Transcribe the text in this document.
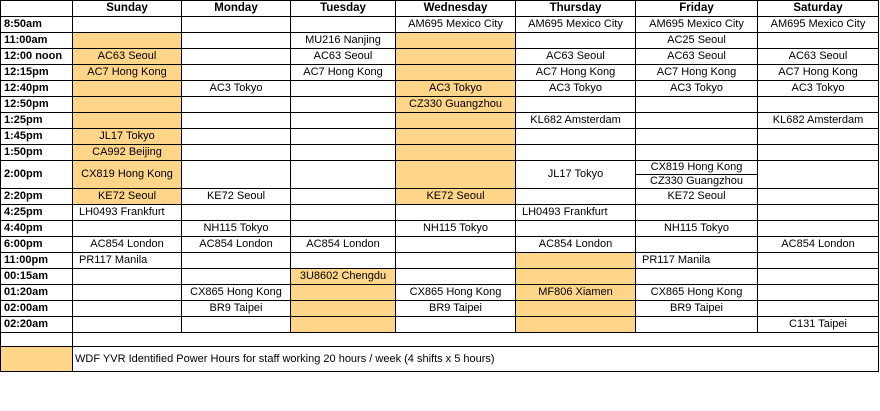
	Sunday	Monday	Tuesday	Wednesday	Thursday	Friday	Saturday
8:50am				AM695 Mexico City	AM695 Mexico City	AM695 Mexico City	AM695 Mexico City
11:00am			MU216 Nanjing			AC25 Seoul	
12:00 noon	AC63 Seoul		AC63 Seoul		AC63 Seoul	AC63 Seoul	AC63 Seoul
12:15pm	AC7 Hong Kong		AC7 Hong Kong		AC7 Hong Kong	AC7 Hong Kong	AC7 Hong Kong
12:40pm		AC3 Tokyo		AC3 Tokyo	AC3 Tokyo	AC3 Tokyo	AC3 Tokyo
12:50pm				CZ330 Guangzhou			
1:25pm					KL682 Amsterdam		KL682 Amsterdam
1:45pm	JL17 Tokyo						
1:50pm	CA992 Beijing						
2:00pm	CX819 Hong Kong				JL17 Tokyo	CX819 Hong Kong	
						CZ330 Guangzhou	
2:20pm	KE72 Seoul	KE72 Seoul		KE72 Seoul		KE72 Seoul	
4:25pm	LH0493 Frankfurt				LH0493 Frankfurt		
4:40pm		NH115 Tokyo		NH115 Tokyo		NH115 Tokyo	
6:00pm	AC854 London	AC854 London	AC854 London		AC854 London		AC854 London
11:00pm	PR117 Manila					PR117 Manila	
00:15am			3U8602 Chengdu				
01:20am		CX865 Hong Kong		CX865 Hong Kong	MF806 Xiamen	CX865 Hong Kong	
02:00am		BR9 Taipei		BR9 Taipei		BR9 Taipei	
02:20am							C131 Taipei

	WDF YVR Identified Power Hours for staff working 20 hours / week (4 shifts x 5 hours)						
